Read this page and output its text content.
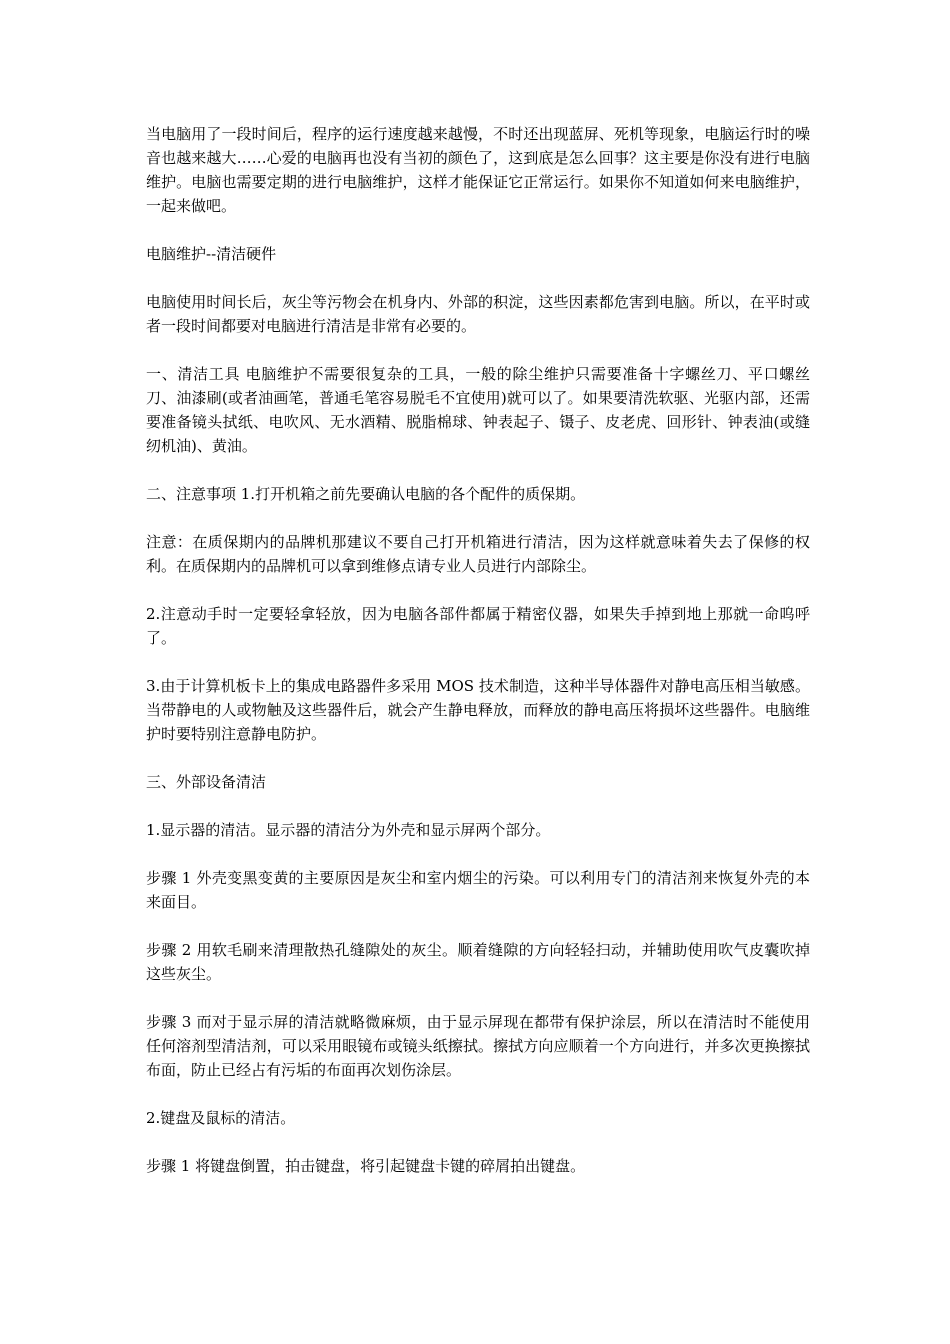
当电脑用了一段时间后，程序的运行速度越来越慢，不时还出现蓝屏、死机等现象，电脑运行时的噪音也越来越大……心爱的电脑再也没有当初的颜色了，这到底是怎么回事？这主要是你没有进行电脑维护。电脑也需要定期的进行电脑维护，这样才能保证它正常运行。如果你不知道如何来电脑维护，一起来做吧。

电脑维护--清洁硬件

电脑使用时间长后，灰尘等污物会在机身内、外部的积淀，这些因素都危害到电脑。所以，在平时或者一段时间都要对电脑进行清洁是非常有必要的。

一、清洁工具 电脑维护不需要很复杂的工具，一般的除尘维护只需要准备十字螺丝刀、平口螺丝刀、油漆刷(或者油画笔，普通毛笔容易脱毛不宜使用)就可以了。如果要清洗软驱、光驱内部，还需要准备镜头拭纸、电吹风、无水酒精、脱脂棉球、钟表起子、镊子、皮老虎、回形针、钟表油(或缝纫机油)、黄油。

二、注意事项 1.打开机箱之前先要确认电脑的各个配件的质保期。

注意：在质保期内的品牌机那建议不要自己打开机箱进行清洁，因为这样就意味着失去了保修的权利。在质保期内的品牌机可以拿到维修点请专业人员进行内部除尘。

2.注意动手时一定要轻拿轻放，因为电脑各部件都属于精密仪器，如果失手掉到地上那就一命呜呼了。

3.由于计算机板卡上的集成电路器件多采用 MOS 技术制造，这种半导体器件对静电高压相当敏感。当带静电的人或物触及这些器件后，就会产生静电释放，而释放的静电高压将损坏这些器件。电脑维护时要特别注意静电防护。

三、外部设备清洁

1.显示器的清洁。显示器的清洁分为外壳和显示屏两个部分。

步骤 1 外壳变黑变黄的主要原因是灰尘和室内烟尘的污染。可以利用专门的清洁剂来恢复外壳的本来面目。

步骤 2 用软毛刷来清理散热孔缝隙处的灰尘。顺着缝隙的方向轻轻扫动，并辅助使用吹气皮囊吹掉这些灰尘。

步骤 3 而对于显示屏的清洁就略微麻烦，由于显示屏现在都带有保护涂层，所以在清洁时不能使用任何溶剂型清洁剂，可以采用眼镜布或镜头纸擦拭。擦拭方向应顺着一个方向进行，并多次更换擦拭布面，防止已经占有污垢的布面再次划伤涂层。

2.键盘及鼠标的清洁。

步骤 1 将键盘倒置，拍击键盘，将引起键盘卡键的碎屑拍出键盘。
